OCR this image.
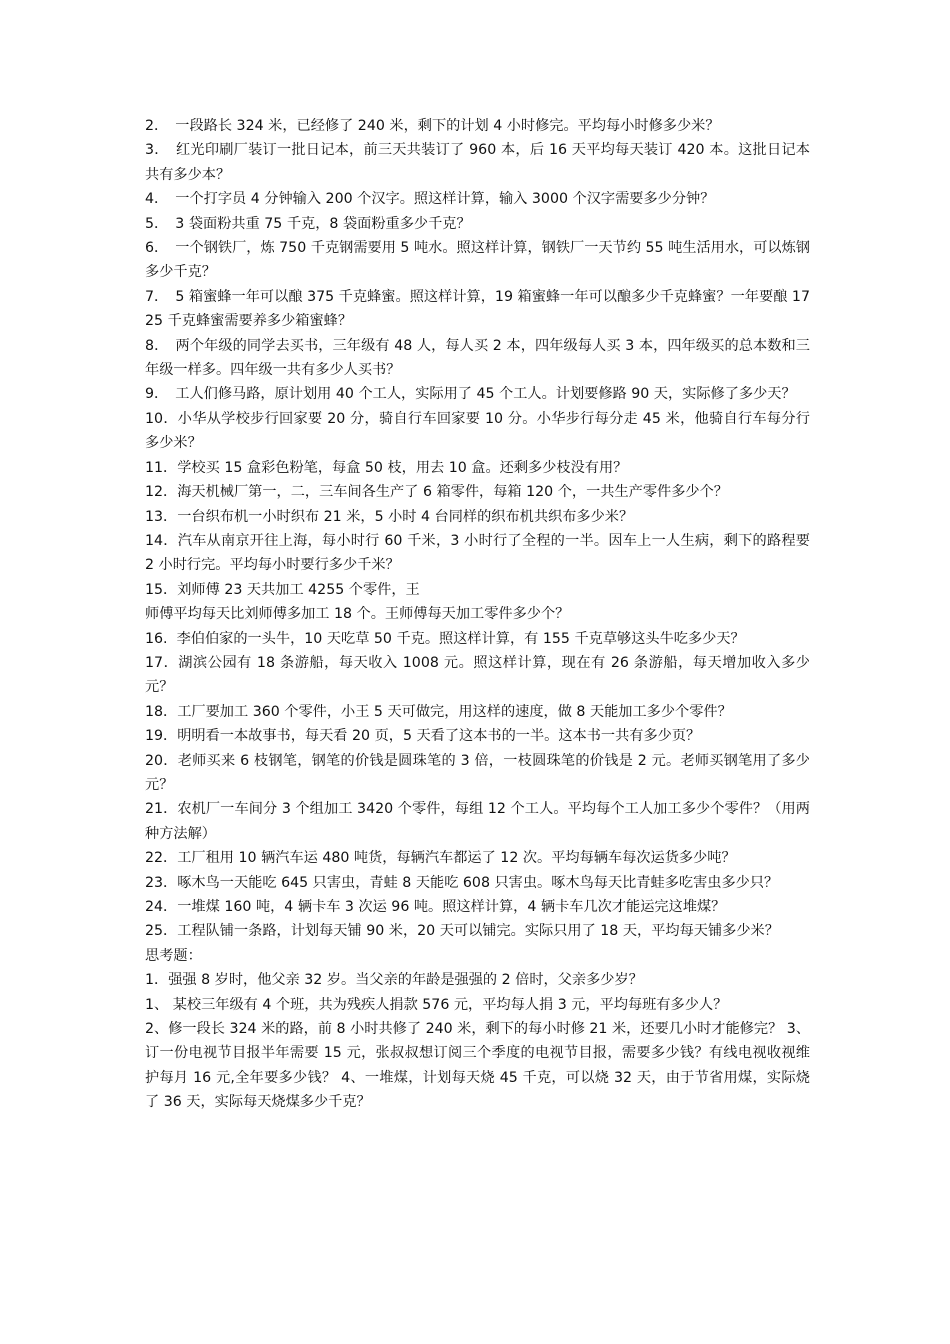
2．　一段路长 324 米，已经修了 240 米，剩下的计划 4 小时修完。平均每小时修多少米？
3．　红光印刷厂装订一批日记本，前三天共装订了 960 本，后 16 天平均每天装订 420 本。这批日记本共有多少本？
4．　一个打字员 4 分钟输入 200 个汉字。照这样计算，输入 3000 个汉字需要多少分钟？
5．　3 袋面粉共重 75 千克，8 袋面粉重多少千克？
6．　一个钢铁厂，炼 750 千克钢需要用 5 吨水。照这样计算，钢铁厂一天节约 55 吨生活用水，可以炼钢多少千克？
7．　5 箱蜜蜂一年可以酿 375 千克蜂蜜。照这样计算，19 箱蜜蜂一年可以酿多少千克蜂蜜？一年要酿 1725 千克蜂蜜需要养多少箱蜜蜂？
8．　两个年级的同学去买书，三年级有 48 人，每人买 2 本，四年级每人买 3 本，四年级买的总本数和三年级一样多。四年级一共有多少人买书？
9．　工人们修马路，原计划用 40 个工人，实际用了 45 个工人。计划要修路 90 天，实际修了多少天？
10．小华从学校步行回家要 20 分，骑自行车回家要 10 分。小华步行每分走 45 米，他骑自行车每分行多少米？
11．学校买 15 盒彩色粉笔，每盒 50 枝，用去 10 盒。还剩多少枝没有用？
12．海天机械厂第一，二，三车间各生产了 6 箱零件，每箱 120 个，一共生产零件多少个？
13．一台织布机一小时织布 21 米，5 小时 4 台同样的织布机共织布多少米？
14．汽车从南京开往上海，每小时行 60 千米，3 小时行了全程的一半。因车上一人生病，剩下的路程要 2 小时行完。平均每小时要行多少千米？
15．刘师傅 23 天共加工 4255 个零件，王
师傅平均每天比刘师傅多加工 18 个。王师傅每天加工零件多少个？
16.  李伯伯家的一头牛，10 天吃草 50 千克。照这样计算，有 155 千克草够这头牛吃多少天？
17．湖滨公园有 18 条游船，每天收入 1008 元。照这样计算，现在有 26 条游船，每天增加收入多少元？
18．工厂要加工 360 个零件，小王 5 天可做完，用这样的速度，做 8 天能加工多少个零件？
19．明明看一本故事书，每天看 20 页，5 天看了这本书的一半。这本书一共有多少页？
20．老师买来 6 枝钢笔，钢笔的价钱是圆珠笔的 3 倍，一枝圆珠笔的价钱是 2 元。老师买钢笔用了多少元？
21．农机厂一车间分 3 个组加工 3420 个零件，每组 12 个工人。平均每个工人加工多少个零件？（用两种方法解）
22．工厂租用 10 辆汽车运 480 吨货，每辆汽车都运了 12 次。平均每辆车每次运货多少吨？
23．啄木鸟一天能吃 645 只害虫，青蛙 8 天能吃 608 只害虫。啄木鸟每天比青蛙多吃害虫多少只？
24．一堆煤 160 吨，4 辆卡车 3 次运 96 吨。照这样计算，4 辆卡车几次才能运完这堆煤？
25．工程队铺一条路，计划每天铺 90 米，20 天可以铺完。实际只用了 18 天，平均每天铺多少米？
思考题：
1．强强 8 岁时，他父亲 32 岁。当父亲的年龄是强强的 2 倍时，父亲多少岁？
1、 某校三年级有 4 个班，共为残疾人捐款 576 元，平均每人捐 3 元，平均每班有多少人？
2、修一段长 324 米的路，前 8 小时共修了 240 米，剩下的每小时修 21 米，还要几小时才能修完？ 3、订一份电视节目报半年需要 15 元，张叔叔想订阅三个季度的电视节目报，需要多少钱？有线电视收视维护每月 16 元,全年要多少钱？ 4、一堆煤，计划每天烧 45 千克，可以烧 32 天，由于节省用煤，实际烧了 36 天，实际每天烧煤多少千克？
